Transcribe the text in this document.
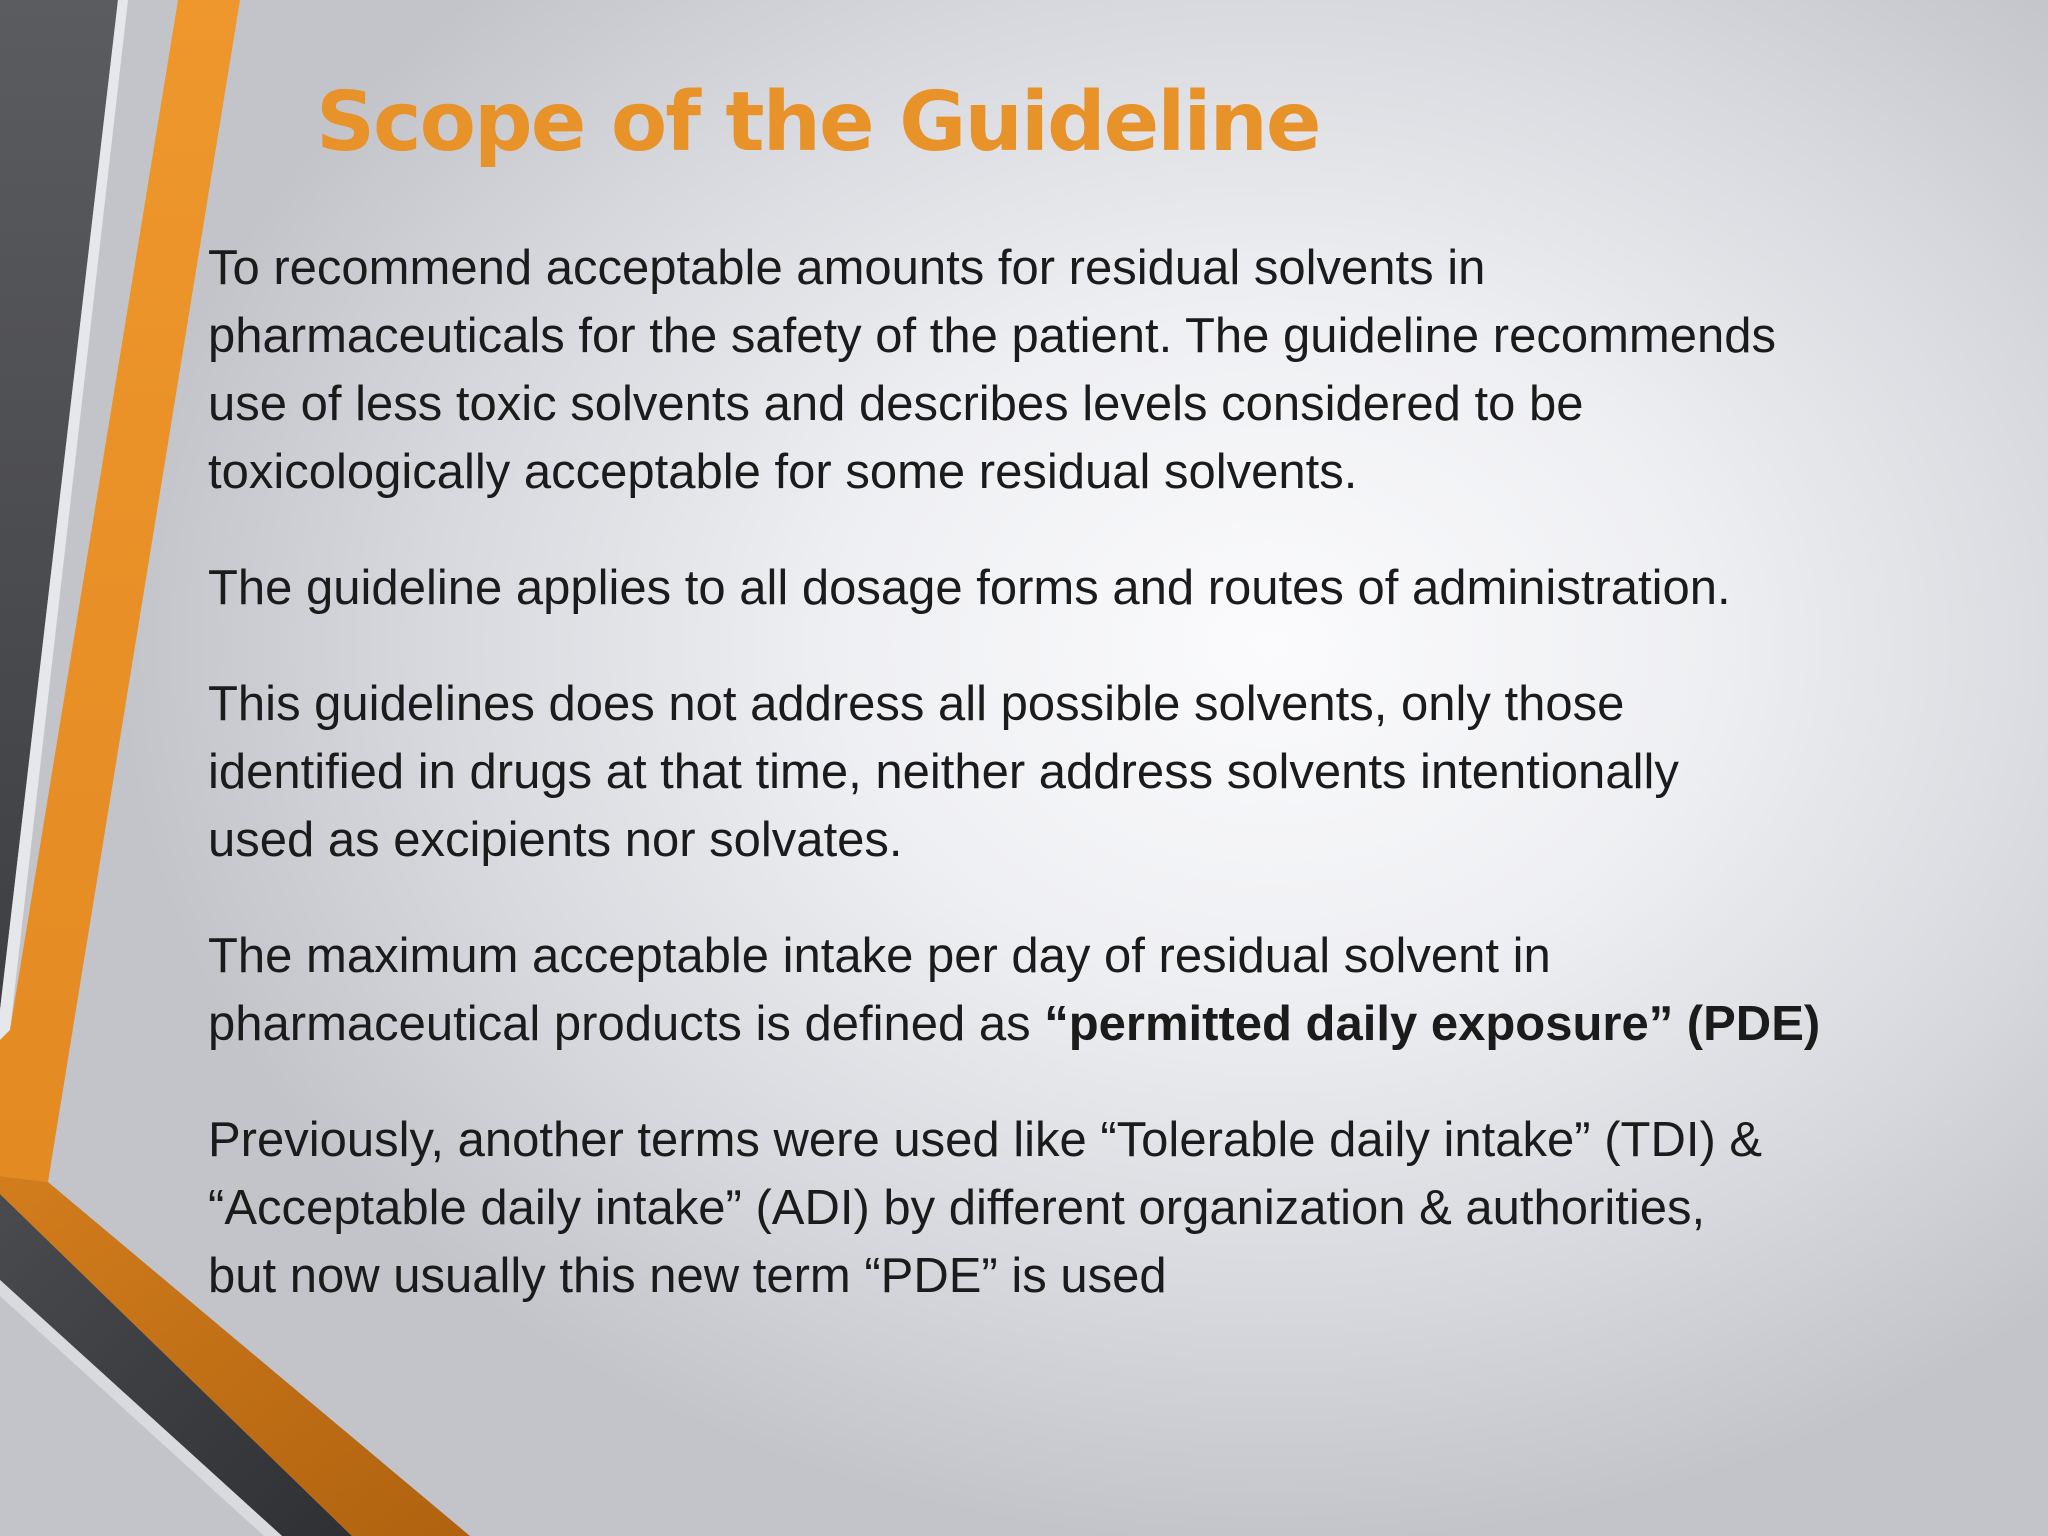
Scope of the Guideline

To recommend acceptable amounts for residual solvents in
pharmaceuticals for the safety of the patient. The guideline recommends
use of less toxic solvents and describes levels considered to be
toxicologically acceptable for some residual solvents.

The guideline applies to all dosage forms and routes of administration.

This guidelines does not address all possible solvents, only those
identified in drugs at that time, neither address solvents intentionally
used as excipients nor solvates.

The maximum acceptable intake per day of residual solvent in
pharmaceutical products is defined as “permitted daily exposure” (PDE)

Previously, another terms were used like “Tolerable daily intake” (TDI) &
“Acceptable daily intake” (ADI) by different organization & authorities,
but now usually this new term “PDE” is used
